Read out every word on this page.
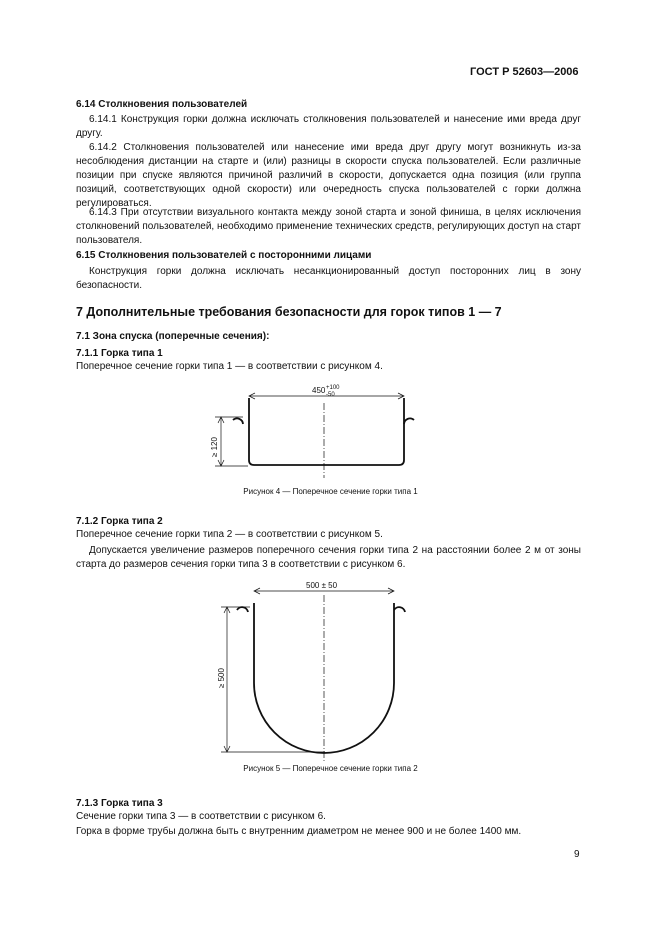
ГОСТ Р 52603—2006
6.14 Столкновения пользователей
6.14.1 Конструкция горки должна исключать столкновения пользователей и нанесение ими вреда друг другу.
6.14.2 Столкновения пользователей или нанесение ими вреда друг другу могут возникнуть из-за несоблюдения дистанции на старте и (или) разницы в скорости спуска пользователей. Если различные позиции при спуске являются причиной различий в скорости, допускается одна позиция (или группа позиций, соответствующих одной скорости) или очередность спуска пользователей с горки должна регулироваться.
6.14.3 При отсутствии визуального контакта между зоной старта и зоной финиша, в целях исключения столкновений пользователей, необходимо применение технических средств, регулирующих доступ на старт пользователя.
6.15 Столкновения пользователей с посторонними лицами
Конструкция горки должна исключать несанкционированный доступ посторонних лиц в зону безопасности.
7 Дополнительные требования безопасности для горок типов 1 — 7
7.1 Зона спуска (поперечные сечения):
7.1.1 Горка типа 1
Поперечное сечение горки типа 1 — в соответствии с рисунком 4.
450 +100
-50
≥ 120
500 ± 50
≥ 500
Рисунок 4 — Поперечное сечение горки типа 1
7.1.2 Горка типа 2
Поперечное сечение горки типа 2 — в соответствии с рисунком 5.
Допускается увеличение размеров поперечного сечения горки типа 2 на расстоянии более 2 м от зоны старта до размеров сечения горки типа 3 в соответствии с рисунком 6.
Рисунок 5 — Поперечное сечение горки типа 2
7.1.3 Горка типа 3
Сечение горки типа 3 — в соответствии с рисунком 6.
Горка в форме трубы должна быть с внутренним диаметром не менее 900 и не более 1400 мм.
9
